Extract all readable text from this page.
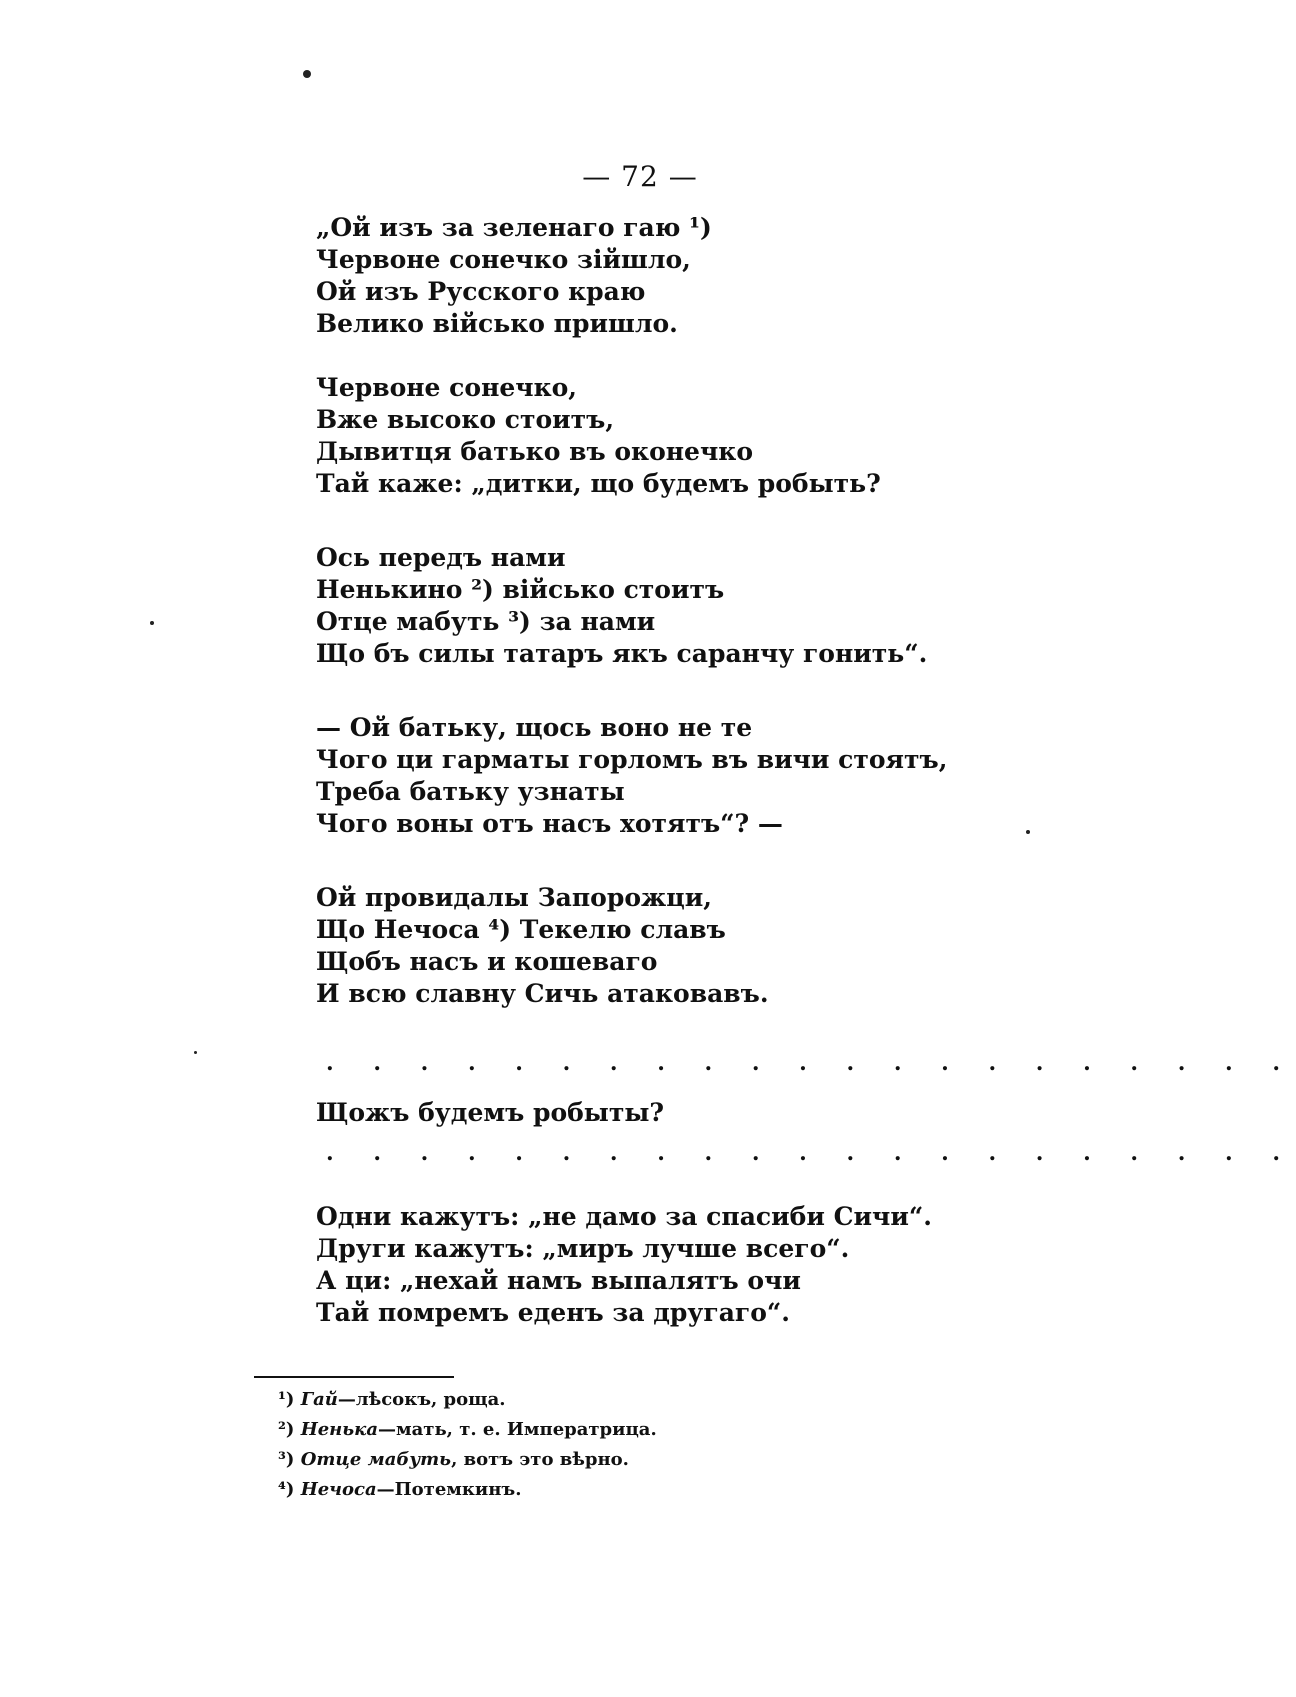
— 72 —
„Ой изъ за зеленаго гаю ¹)
Червоне сонечко зійшло,
Ой изъ Русского краю
Велико військо пришло.
Червоне сонечко,
Вже высоко стоитъ,
Дывитця батько въ оконечко
Тай каже: „дитки, що будемъ робыть?
Ось передъ нами
Ненькино ²) військо стоитъ
Отце мабуть ³) за нами
Що бъ силы татаръ якъ саранчу гонить“.
— Ой батьку, щось воно не те
Чого ци гарматы горломъ въ вичи стоятъ,
Треба батьку узнаты
Чого воны отъ насъ хотятъ“? —
Ой провидалы Запорожци,
Що Нечоса ⁴) Текелю славъ
Щобъ насъ и кошеваго
И всю славну Сичь атаковавъ.
. . . . . . . . . . . . . . . . . . . . .
Щожъ будемъ робыты?
. . . . . . . . . . . . . . . . . . . . .
Одни кажутъ: „не дамо за спасиби Сичи“.
Други кажутъ: „миръ лучше всего“.
А ци: „нехай намъ выпалятъ очи
Тай помремъ еденъ за другаго“.
¹) Гай—лѣсокъ, роща.
²) Ненька—мать, т. е. Императрица.
³) Отце мабуть, вотъ это вѣрно.
⁴) Нечоса—Потемкинъ.
